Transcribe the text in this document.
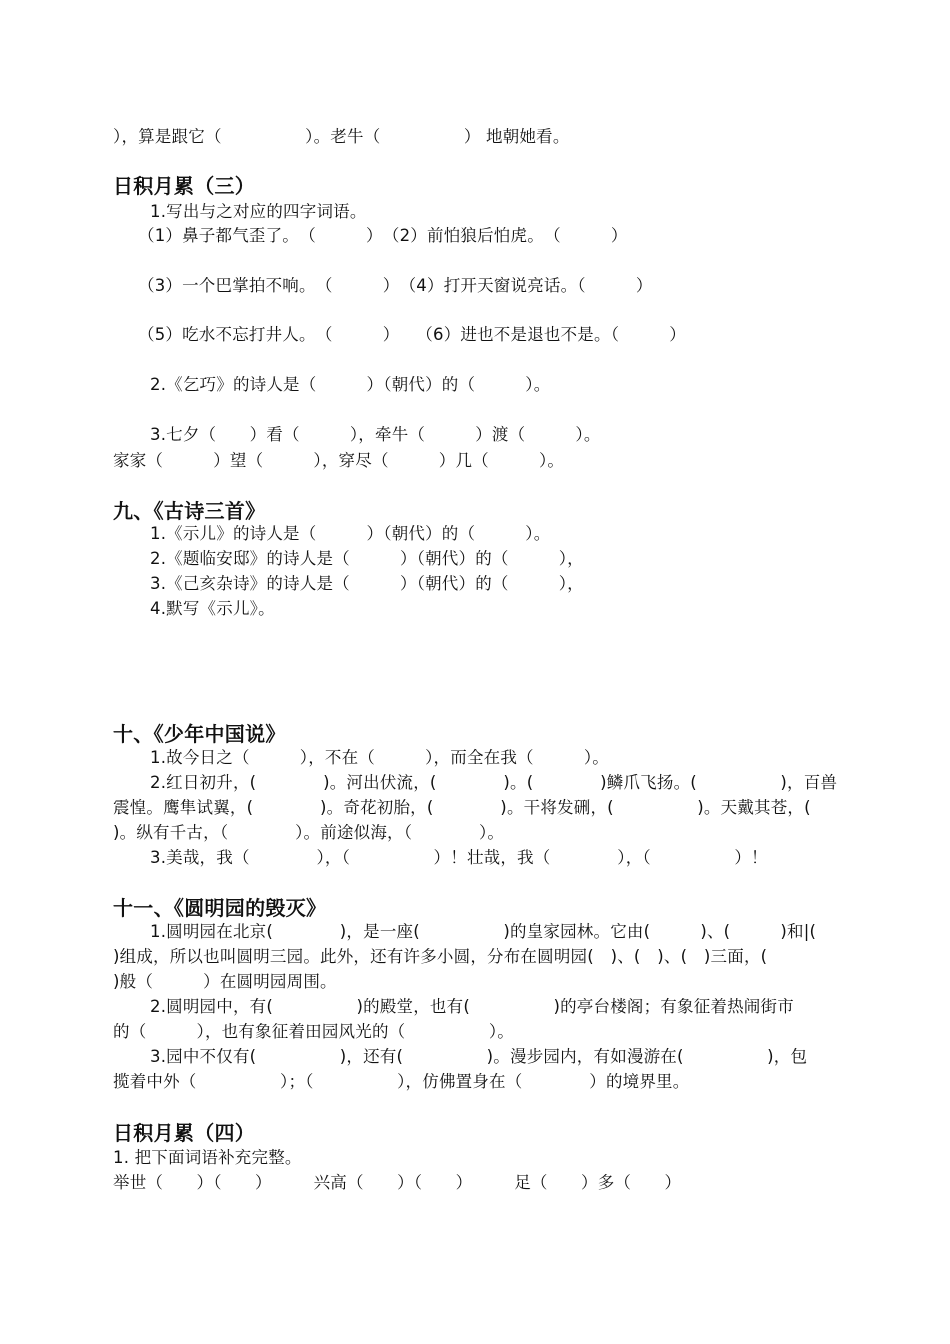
），算是跟它（　　　　　）。老牛（　　　　　） 地朝她看。
日积月累（三）
1.写出与之对应的四字词语。
（1）鼻子都气歪了。　（　　　）　（2）前怕狼后怕虎。　（　　　）
（3）一个巴掌拍不响。　（　　　）　（4）打开天窗说亮话。（　　　）
（5）吃水不忘打井人。　（　　　）　　（6）进也不是退也不是。（　　　）
2.《乞巧》的诗人是（　　　）（朝代）的（　　　）。
3.七夕（　　）看（　　　），牵牛（　　　）渡（　　　）。
家家（　　　）望（　　　），穿尽（　　　）几（　　　）。
九、《古诗三首》
1.《示儿》的诗人是（　　　）（朝代）的（　　　）。
2.《题临安邸》的诗人是（　　　）（朝代）的（　　　），
3.《己亥杂诗》的诗人是（　　　）（朝代）的（　　　），
4.默写《示儿》。
十、《少年中国说》
1.故今日之（　　　），不在（　　　），而全在我（　　　）。
2.红日初升，(　　　　)。河出伏流，(　　　　)。(　　　　)鳞爪飞扬。(　　　　　)，百兽
震惶。鹰隼试翼，(　　　　)。奇花初胎，(　　　　)。干将发硎，(　　　　　)。天戴其苍，(
)。纵有千古，（　　　　）。前途似海，（　　　　）。
3.美哉，我（　　　　），（　　　　　）！壮哉，我（　　　　），（　　　　　）！
十一、《圆明园的毁灭》
1.圆明园在北京(　　　　)，是一座(　　　　　)的皇家园林。它由(　　　)、(　　　)和|(
)组成，所以也叫圆明三园。此外，还有许多小圆，分布在圆明园(　)、(　)、(　)三面，(
)般（　　　）在圆明园周围。
2.圆明园中，有(　　　　　)的殿堂，也有(　　　　　)的亭台楼阁；有象征着热闹街市
的（　　　），也有象征着田园风光的（　　　　　）。
3.园中不仅有(　　　　　)，还有(　　　　　)。漫步园内，有如漫游在(　　　　　)，包
揽着中外（　　　　　）；（　　　　　），仿佛置身在（　　　　）的境界里。
日积月累（四）
1. 把下面词语补充完整。
举世（　　）（　　）　　　兴高（　　）（　　）　　　足（　　）多（　　）
